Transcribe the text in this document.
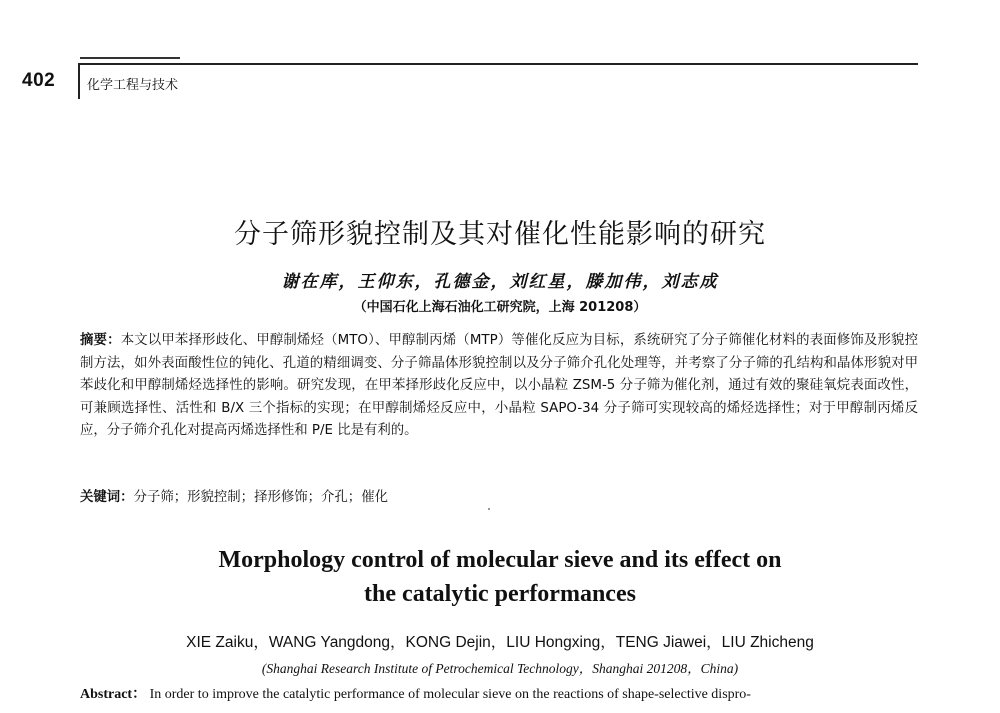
402 化学工程与技术
分子筛形貌控制及其对催化性能影响的研究
谢在库，王仰东，孔德金，刘红星，滕加伟，刘志成
（中国石化上海石油化工研究院，上海 201208）
摘要：本文以甲苯择形歧化、甲醇制烯烃（MTO）、甲醇制丙烯（MTP）等催化反应为目标，系统研究了分子筛催化材料的表面修饰及形貌控制方法，如外表面酸性位的钝化、孔道的精细调变、分子筛晶体形貌控制以及分子筛介孔化处理等，并考察了分子筛的孔结构和晶体形貌对甲苯歧化和甲醇制烯烃选择性的影响。研究发现，在甲苯择形歧化反应中，以小晶粒 ZSM-5 分子筛为催化剂，通过有效的聚硅氧烷表面改性，可兼顾选择性、活性和 B/X 三个指标的实现；在甲醇制烯烃反应中，小晶粒 SAPO-34 分子筛可实现较高的烯烃选择性；对于甲醇制丙烯反应，分子筛介孔化对提高丙烯选择性和 P/E 比是有利的。
关键词：分子筛；形貌控制；择形修饰；介孔；催化
Morphology control of molecular sieve and its effect on
the catalytic performances
XIE Zaiku，WANG Yangdong，KONG Dejin，LIU Hongxing，TENG Jiawei，LIU Zhicheng
(Shanghai Research Institute of Petrochemical Technology，Shanghai 201208，China)
Abstract： In order to improve the catalytic performance of molecular sieve on the reactions of shape-selective dispro-
